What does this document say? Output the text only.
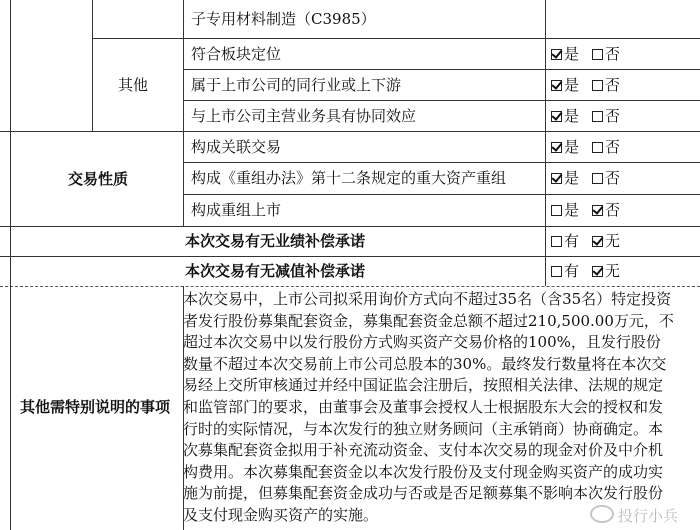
子专用材料制造（C3985）
其他
符合板块定位	是	否
属于上市公司的同行业或上下游	是	否
与上市公司主营业务具有协同效应	是	否
交易性质
构成关联交易	是	否
构成《重组办法》第十二条规定的重大资产重组	是	否
构成重组上市	是	否
本次交易有无业绩补偿承诺	有	无
本次交易有无减值补偿承诺	有	无
其他需特别说明的事项
本次交易中，上市公司拟采用询价方式向不超过35名（含35名）特定投资
者发行股份募集配套资金，募集配套资金总额不超过210,500.00万元，不
超过本次交易中以发行股份方式购买资产交易价格的100%，且发行股份
数量不超过本次交易前上市公司总股本的30%。最终发行数量将在本次交
易经上交所审核通过并经中国证监会注册后，按照相关法律、法规的规定
和监管部门的要求，由董事会及董事会授权人士根据股东大会的授权和发
行时的实际情况，与本次发行的独立财务顾问（主承销商）协商确定。本
次募集配套资金拟用于补充流动资金、支付本次交易的现金对价及中介机
构费用。本次募集配套资金以本次发行股份及支付现金购买资产的成功实
施为前提，但募集配套资金成功与否或是否足额募集不影响本次发行股份
及支付现金购买资产的实施。	投行小兵
